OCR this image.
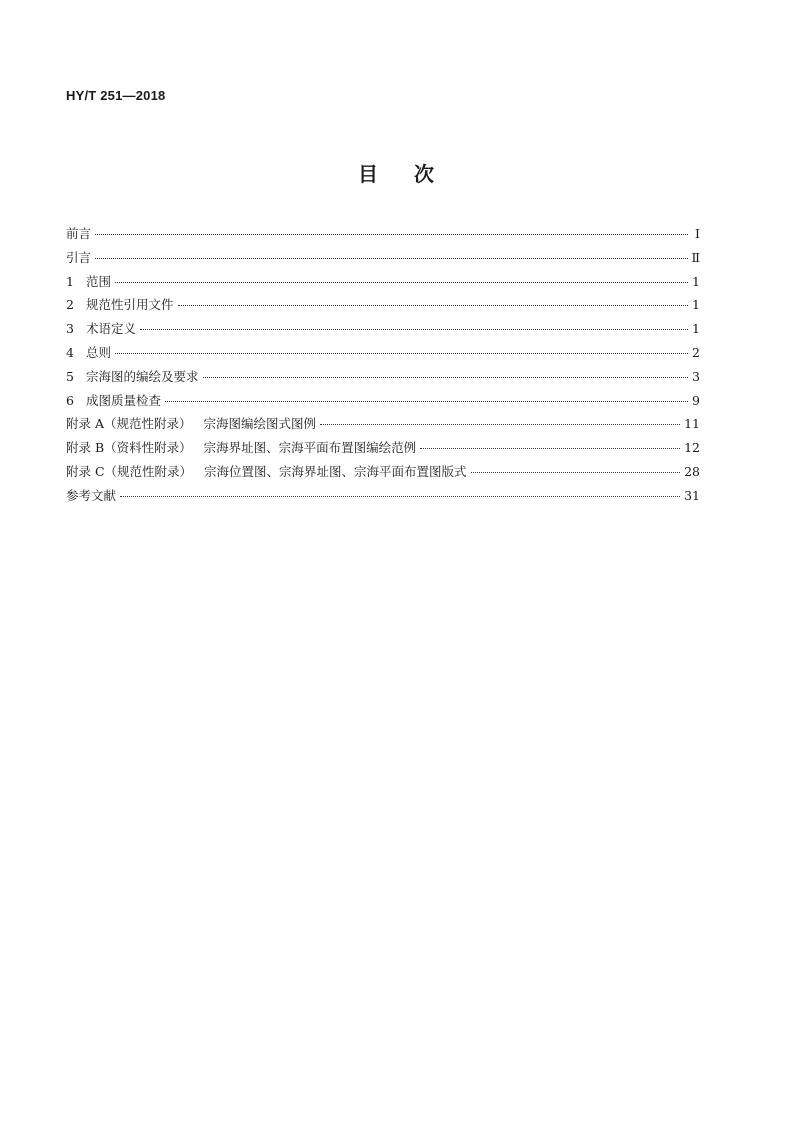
HY/T 251—2018
目次
前言	Ⅰ
引言	Ⅱ
1 范围	1
2 规范性引用文件	1
3 术语定义	1
4 总则	2
5 宗海图的编绘及要求	3
6 成图质量检查	9
附录 A（规范性附录） 宗海图编绘图式图例	11
附录 B（资料性附录） 宗海界址图、宗海平面布置图编绘范例	12
附录 C（规范性附录） 宗海位置图、宗海界址图、宗海平面布置图版式	28
参考文献	31
